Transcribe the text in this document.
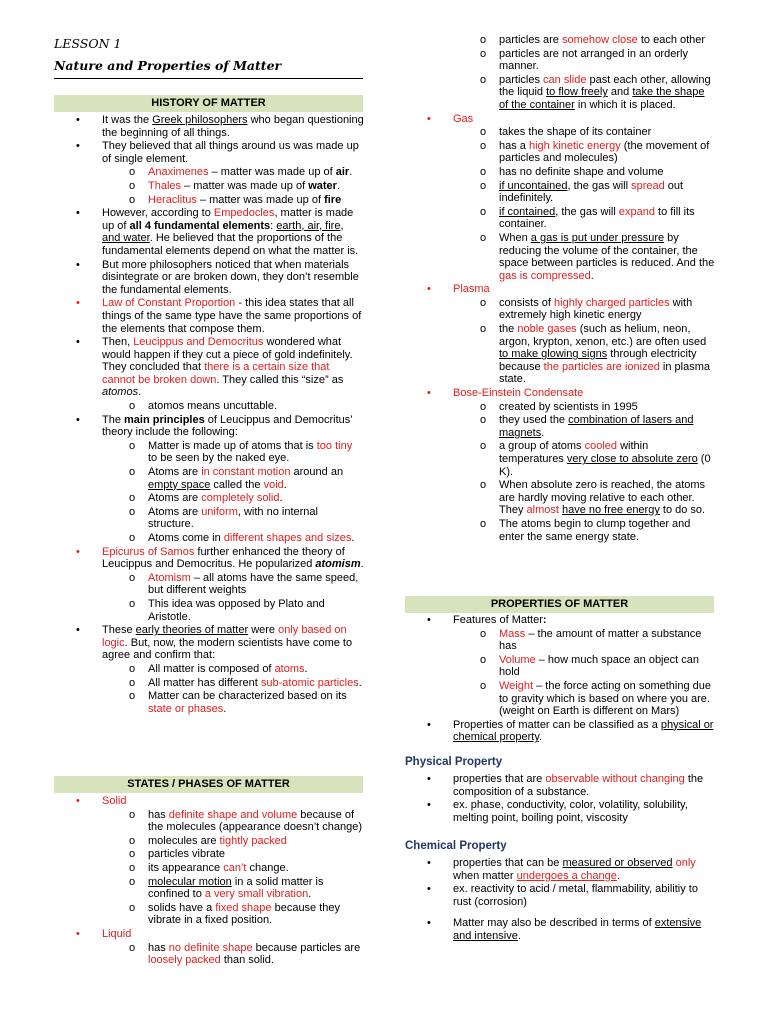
LESSON 1
Nature and Properties of Matter
HISTORY OF MATTER
• It was the Greek philosophers who began questioning the beginning of all things.
• They believed that all things around us was made up of single element.
o Anaximenes – matter was made up of air.
o Thales – matter was made up of water.
o Heraclitus – matter was made up of fire
• However, according to Empedocles, matter is made up of all 4 fundamental elements: earth, air, fire, and water. He believed that the proportions of the fundamental elements depend on what the matter is.
• But more philosophers noticed that when materials disintegrate or are broken down, they don’t resemble the fundamental elements.
• Law of Constant Proportion - this idea states that all things of the same type have the same proportions of the elements that compose them.
• Then, Leucippus and Democritus wondered what would happen if they cut a piece of gold indefinitely. They concluded that there is a certain size that cannot be broken down. They called this “size” as atomos.
o atomos means uncuttable.
• The main principles of Leucippus and Democritus’ theory include the following:
o Matter is made up of atoms that is too tiny to be seen by the naked eye.
o Atoms are in constant motion around an empty space called the void.
o Atoms are completely solid.
o Atoms are uniform, with no internal structure.
o Atoms come in different shapes and sizes.
• Epicurus of Samos further enhanced the theory of Leucippus and Democritus. He popularized atomism.
o Atomism – all atoms have the same speed, but different weights
o This idea was opposed by Plato and Aristotle.
• These early theories of matter were only based on logic. But, now, the modern scientists have come to agree and confirm that:
o All matter is composed of atoms.
o All matter has different sub-atomic particles.
o Matter can be characterized based on its state or phases.
STATES / PHASES OF MATTER
• Solid
o has definite shape and volume because of the molecules (appearance doesn’t change)
o molecules are tightly packed
o particles vibrate
o its appearance can’t change.
o molecular motion in a solid matter is confined to a very small vibration.
o solids have a fixed shape because they vibrate in a fixed position.
• Liquid
o has no definite shape because particles are loosely packed than solid.
o particles are somehow close to each other
o particles are not arranged in an orderly manner.
o particles can slide past each other, allowing the liquid to flow freely and take the shape of the container in which it is placed.
• Gas
o takes the shape of its container
o has a high kinetic energy (the movement of particles and molecules)
o has no definite shape and volume
o if uncontained, the gas will spread out indefinitely.
o if contained, the gas will expand to fill its container.
o When a gas is put under pressure by reducing the volume of the container, the space between particles is reduced. And the gas is compressed.
• Plasma
o consists of highly charged particles with extremely high kinetic energy
o the noble gases (such as helium, neon, argon, krypton, xenon, etc.) are often used to make glowing signs through electricity because the particles are ionized in plasma state.
• Bose-Einstein Condensate
o created by scientists in 1995
o they used the combination of lasers and magnets.
o a group of atoms cooled within temperatures very close to absolute zero (0 K).
o When absolute zero is reached, the atoms are hardly moving relative to each other. They almost have no free energy to do so.
o The atoms begin to clump together and enter the same energy state.
PROPERTIES OF MATTER
• Features of Matter:
o Mass – the amount of matter a substance has
o Volume – how much space an object can hold
o Weight – the force acting on something due to gravity which is based on where you are. (weight on Earth is different on Mars)
• Properties of matter can be classified as a physical or chemical property.
Physical Property
• properties that are observable without changing the composition of a substance.
• ex. phase, conductivity, color, volatility, solubility, melting point, boiling point, viscosity
Chemical Property
• properties that can be measured or observed only when matter undergoes a change.
• ex. reactivity to acid / metal, flammability, abilitiy to rust (corrosion)
• Matter may also be described in terms of extensive and intensive.
